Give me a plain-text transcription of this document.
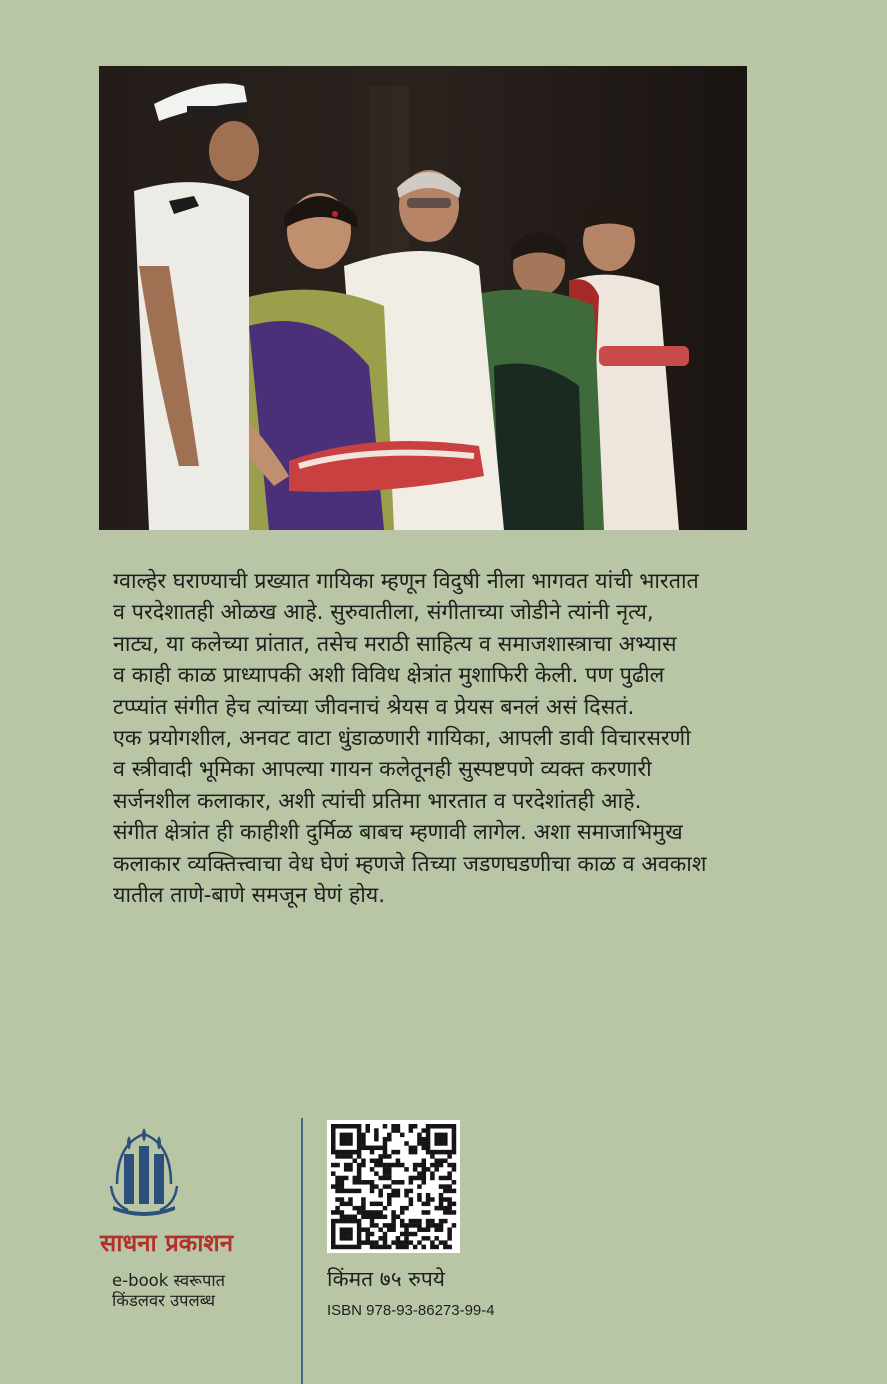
ग्वाल्हेर घराण्याची प्रख्यात गायिका म्हणून विदुषी नीला भागवत यांची भारतात

व परदेशातही ओळख आहे. सुरुवातीला, संगीताच्या जोडीने त्यांनी नृत्य,

नाट्य, या कलेच्या प्रांतात, तसेच मराठी साहित्य व समाजशास्त्राचा अभ्यास

व काही काळ प्राध्यापकी अशी विविध क्षेत्रांत मुशाफिरी केली. पण पुढील

टप्प्यांत संगीत हेच त्यांच्या जीवनाचं श्रेयस व प्रेयस बनलं असं दिसतं.

एक प्रयोगशील, अनवट वाटा धुंडाळणारी गायिका, आपली डावी विचारसरणी

व स्त्रीवादी भूमिका आपल्या गायन कलेतूनही सुस्पष्टपणे व्यक्त करणारी

सर्जनशील कलाकार, अशी त्यांची प्रतिमा भारतात व परदेशांतही आहे.

संगीत क्षेत्रांत ही काहीशी दुर्मिळ बाबच म्हणावी लागेल. अशा समाजाभिमुख

कलाकार व्यक्तित्त्वाचा वेध घेणं म्हणजे तिच्या जडणघडणीचा काळ व अवकाश

यातील ताणे-बाणे समजून घेणं होय.

साधना प्रकाशन
e-book स्वरूपात
किंडलवर उपलब्ध
किंमत ७५ रुपये
ISBN 978-93-86273-99-4
